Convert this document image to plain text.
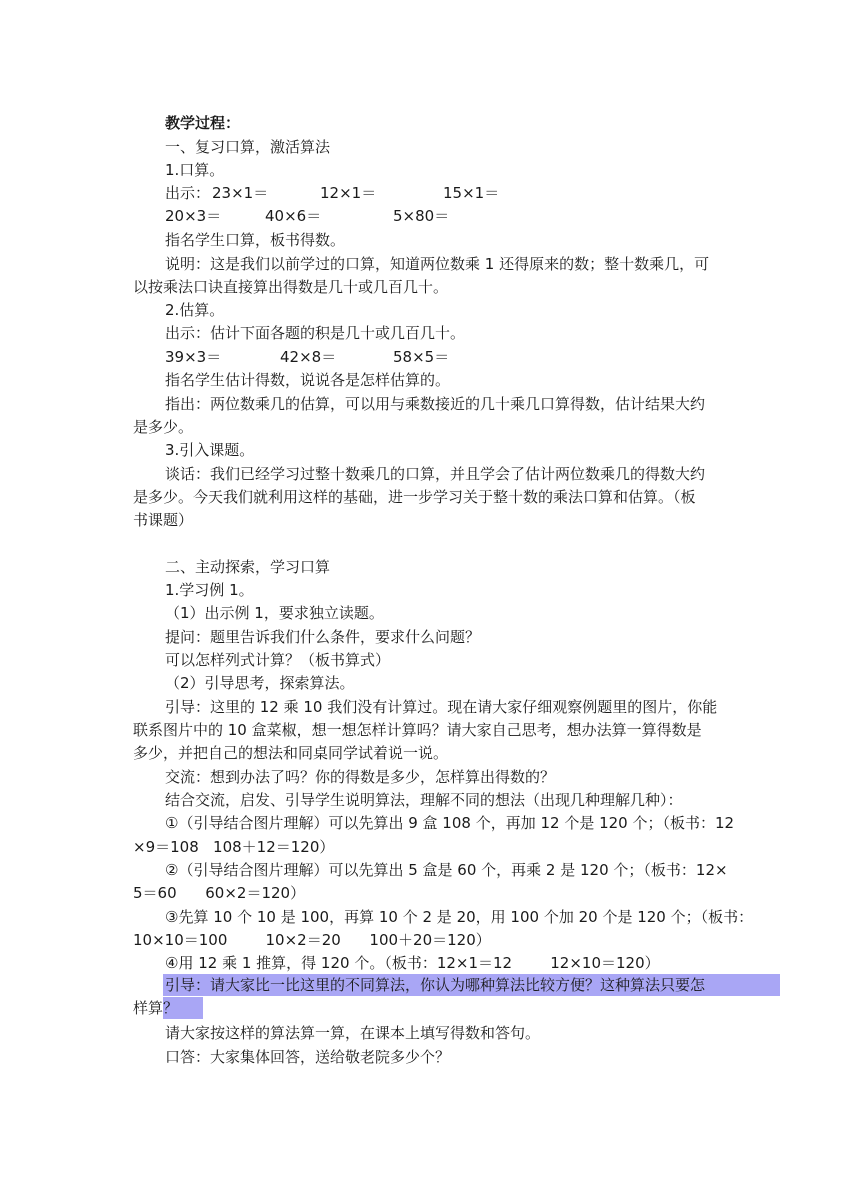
教学过程：
一、复习口算，激活算法
1.口算。
出示： 23×1＝	12×1＝	15×1＝
20×3＝	40×6＝	5×80＝
指名学生口算，板书得数。
说明：这是我们以前学过的口算，知道两位数乘 1 还得原来的数；整十数乘几，可
以按乘法口诀直接算出得数是几十或几百几十。
2.估算。
出示：估计下面各题的积是几十或几百几十。
39×3＝	42×8＝	58×5＝
指名学生估计得数，说说各是怎样估算的。
指出：两位数乘几的估算，可以用与乘数接近的几十乘几口算得数，估计结果大约
是多少。
3.引入课题。
谈话：我们已经学习过整十数乘几的口算，并且学会了估计两位数乘几的得数大约
是多少。今天我们就利用这样的基础，进一步学习关于整十数的乘法口算和估算。（板
书课题）
二、主动探索，学习口算
1.学习例 1。
（1）出示例 1，要求独立读题。
提问：题里告诉我们什么条件，要求什么问题？
可以怎样列式计算？（板书算式）
（2）引导思考，探索算法。
引导：这里的 12 乘 10 我们没有计算过。现在请大家仔细观察例题里的图片，你能
联系图片中的 10 盒菜椒，想一想怎样计算吗？请大家自己思考，想办法算一算得数是
多少，并把自己的想法和同桌同学试着说一说。
交流：想到办法了吗？你的得数是多少，怎样算出得数的？
结合交流，启发、引导学生说明算法，理解不同的想法（出现几种理解几种）：
①（引导结合图片理解）可以先算出 9 盒 108 个，再加 12 个是 120 个；（板书：12
×9＝108   108＋12＝120）
②（引导结合图片理解）可以先算出 5 盒是 60 个，再乘 2 是 120 个；（板书：12×
5＝60      60×2＝120）
③先算 10 个 10 是 100，再算 10 个 2 是 20，用 100 个加 20 个是 120 个；（板书：
10×10＝100        10×2＝20      100＋20＝120）
④用 12 乘 1 推算，得 120 个。（板书：12×1＝12        12×10＝120）
引导：请大家比一比这里的不同算法，你认为哪种算法比较方便？这种算法只要怎
样算？
请大家按这样的算法算一算，在课本上填写得数和答句。
口答：大家集体回答，送给敬老院多少个？
